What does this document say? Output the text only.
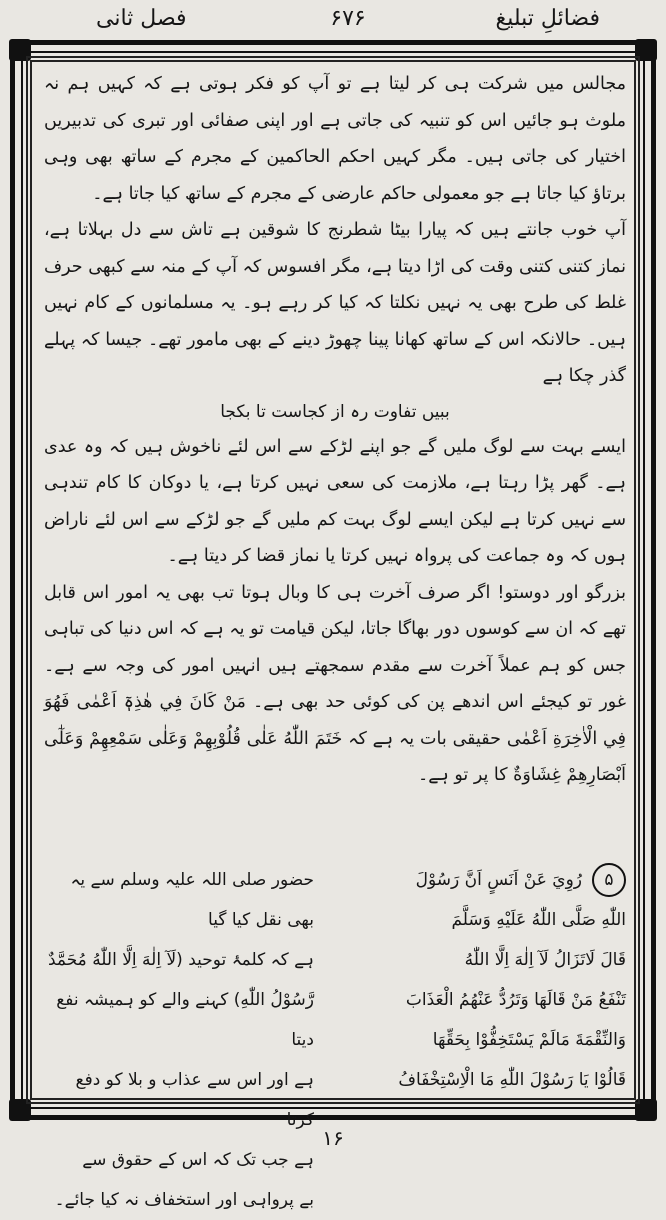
فصل ثانی	۶۷۶	فضائلِ تبلیغ

مجالس میں شرکت ہی کر لیتا ہے تو آپ کو فکر ہوتی ہے کہ کہیں ہم نہ ملوث ہو جائیں اس کو تنبیہ کی جاتی ہے اور اپنی صفائی اور تبری کی تدبیریں اختیار کی جاتی ہیں۔ مگر کہیں احکم الحاکمین کے مجرم کے ساتھ بھی وہی برتاؤ کیا جاتا ہے جو معمولی حاکم عارضی کے مجرم کے ساتھ کیا جاتا ہے۔

آپ خوب جانتے ہیں کہ پیارا بیٹا شطرنج کا شوقین ہے تاش سے دل بہلاتا ہے، نماز کتنی کتنی وقت کی اڑا دیتا ہے، مگر افسوس کہ آپ کے منہ سے کبھی حرف غلط کی طرح بھی یہ نہیں نکلتا کہ کیا کر رہے ہو۔ یہ مسلمانوں کے کام نہیں ہیں۔ حالانکہ اس کے ساتھ کھانا پینا چھوڑ دینے کے بھی مامور تھے۔ جیسا کہ پہلے گذر چکا ہے

ببیں تفاوت رہ از کجاست تا بکجا

ایسے بہت سے لوگ ملیں گے جو اپنے لڑکے سے اس لئے ناخوش ہیں کہ وہ عدی ہے۔ گھر پڑا رہتا ہے، ملازمت کی سعی نہیں کرتا ہے، یا دوکان کا کام تندہی سے نہیں کرتا ہے لیکن ایسے لوگ بہت کم ملیں گے جو لڑکے سے اس لئے ناراض ہوں کہ وہ جماعت کی پرواہ نہیں کرتا یا نماز قضا کر دیتا ہے۔

بزرگو اور دوستو! اگر صرف آخرت ہی کا وبال ہوتا تب بھی یہ امور اس قابل تھے کہ ان سے کوسوں دور بھاگا جاتا، لیکن قیامت تو یہ ہے کہ اس دنیا کی تباہی جس کو ہم عملاً آخرت سے مقدم سمجھتے ہیں انہیں امور کی وجہ سے ہے۔ غور تو کیجئے اس اندھے پن کی کوئی حد بھی ہے۔ مَنْ كَانَ فِي هٰذِهٖٓ اَعْمٰى فَهُوَ فِي الْاٰخِرَةِ اَعْمٰى حقیقی بات یہ ہے کہ خَتَمَ اللّٰهُ عَلٰى قُلُوْبِهِمْ وَعَلٰى سَمْعِهِمْ وَعَلٰٓى اَبْصَارِهِمْ غِشَاوَةٌ کا پر تو ہے۔

۵رُوِيَ عَنْ اَنَسٍ اَنَّ رَسُوْلَ
اللّٰهِ صَلَّى اللّٰهُ عَلَيْهِ وَسَلَّمَ
قَالَ لَاتَزَالُ لَآ اِلٰهَ اِلَّا اللّٰهُ
تَنْفَعُ مَنْ قَالَهَا وَتَرُدُّ عَنْهُمُ الْعَذَابَ
وَالنِّقْمَةَ مَالَمْ يَسْتَخِفُّوْا بِحَقِّهَا
قَالُوْا يَا رَسُوْلَ اللّٰهِ مَا الْاِسْتِخْفَافُ
حضور صلی اللہ علیہ وسلم سے یہ بھی نقل کیا گیا
ہے کہ کلمۂ توحید (لَآ اِلٰهَ اِلَّا اللّٰهُ مُحَمَّدٌ
رَّسُوْلُ اللّٰهِ) کہنے والے کو ہمیشہ نفع دیتا
ہے اور اس سے عذاب و بلا کو دفع کرتا
ہے جب تک کہ اس کے حقوق سے
بے پرواہی اور استخفاف نہ کیا جائے۔
۱۶
